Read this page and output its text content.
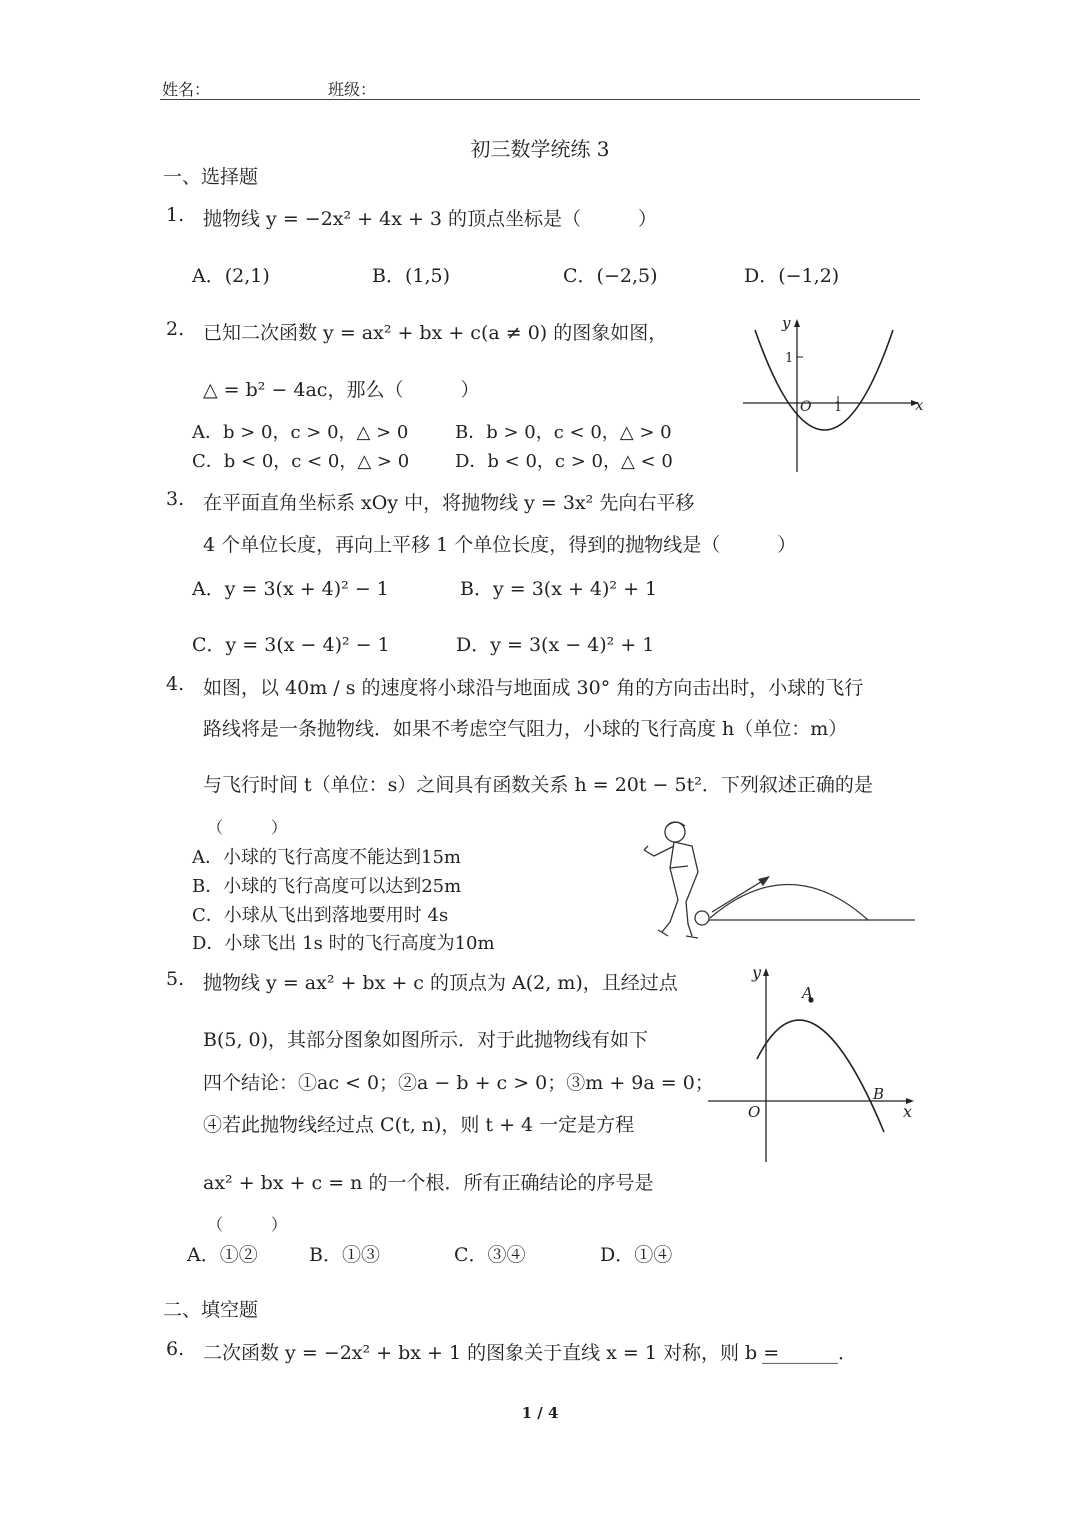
姓名：	班级：
初三数学统练 3
一、选择题
1. 抛物线 y = −2x² + 4x + 3 的顶点坐标是（　　　）
A．(2,1)	B．(1,5)	C．(−2,5)	D．(−1,2)
2. 已知二次函数 y = ax² + bx + c(a ≠ 0) 的图象如图，
△ = b² − 4ac，那么（　　　）
A．b > 0，c > 0，△ > 0	B．b > 0，c < 0，△ > 0
C．b < 0，c < 0，△ > 0	D．b < 0，c > 0，△ < 0
y
x
O
1
1
3. 在平面直角坐标系 xOy 中，将抛物线 y = 3x² 先向右平移
4 个单位长度，再向上平移 1 个单位长度，得到的抛物线是（　　　）
A．y = 3(x + 4)² − 1	B．y = 3(x + 4)² + 1
C．y = 3(x − 4)² − 1	D．y = 3(x − 4)² + 1
4. 如图，以 40m / s 的速度将小球沿与地面成 30° 角的方向击出时，小球的飞行
路线将是一条抛物线．如果不考虑空气阻力，小球的飞行高度 h（单位：m）
与飞行时间 t（单位：s）之间具有函数关系 h = 20t − 5t²．下列叙述正确的是
（　　　）
A．小球的飞行高度不能达到15m
B．小球的飞行高度可以达到25m
C．小球从飞出到落地要用时 4s
D．小球飞出 1s 时的飞行高度为10m
5. 抛物线 y = ax² + bx + c 的顶点为 A(2, m)，且经过点
B(5, 0)，其部分图象如图所示．对于此抛物线有如下
四个结论：①ac < 0；②a − b + c > 0；③m + 9a = 0；
④若此抛物线经过点 C(t, n)，则 t + 4 一定是方程
ax² + bx + c = n 的一个根．所有正确结论的序号是
（　　　）
A．①②	B．①③	C．③④	D．①④
y
x
O
A
B
二、填空题
6. 二次函数 y = −2x² + bx + 1 的图象关于直线 x = 1 对称，则 b =
________．
1 / 4
